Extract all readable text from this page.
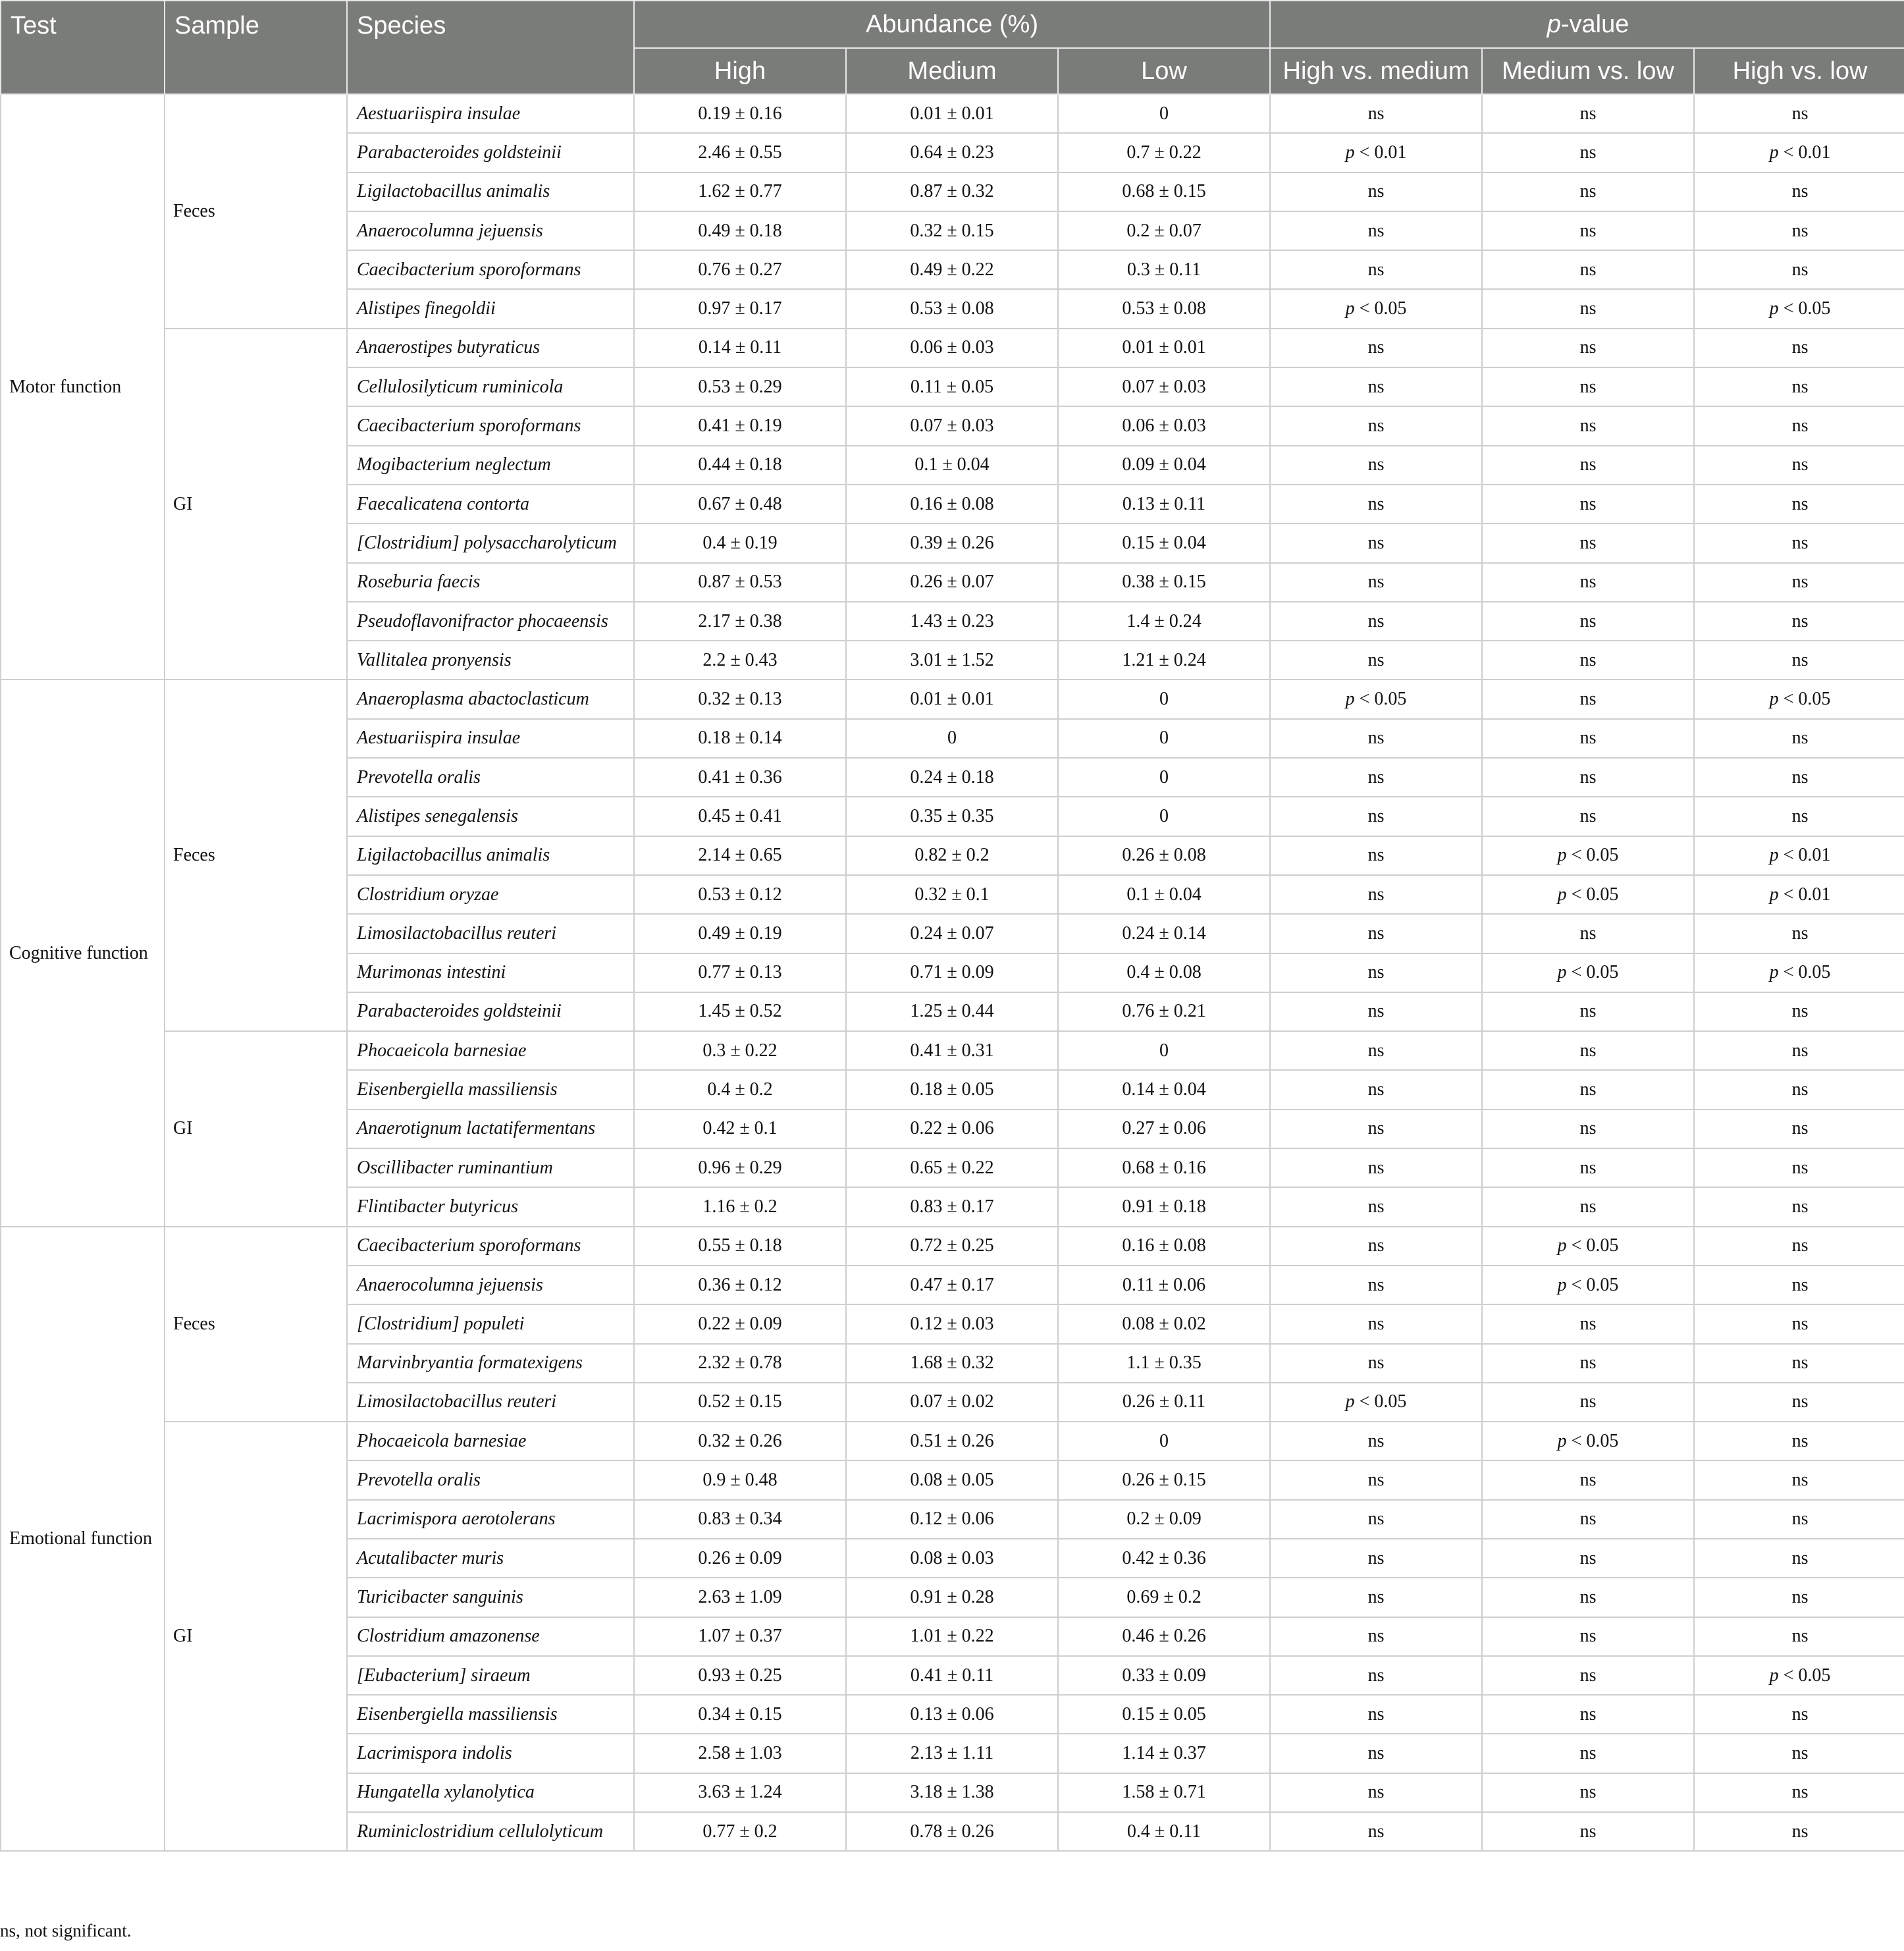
Test	Sample	Species	Abundance (%)			p-value		
			High	Medium	Low	High vs. medium	Medium vs. low	High vs. low
Motor function	Feces	Aestuariispira insulae	0.19 ± 0.16	0.01 ± 0.01	0	ns	ns	ns
		Parabacteroides goldsteinii	2.46 ± 0.55	0.64 ± 0.23	0.7 ± 0.22	p < 0.01	ns	p < 0.01
		Ligilactobacillus animalis	1.62 ± 0.77	0.87 ± 0.32	0.68 ± 0.15	ns	ns	ns
		Anaerocolumna jejuensis	0.49 ± 0.18	0.32 ± 0.15	0.2 ± 0.07	ns	ns	ns
		Caecibacterium sporoformans	0.76 ± 0.27	0.49 ± 0.22	0.3 ± 0.11	ns	ns	ns
		Alistipes finegoldii	0.97 ± 0.17	0.53 ± 0.08	0.53 ± 0.08	p < 0.05	ns	p < 0.05
	GI	Anaerostipes butyraticus	0.14 ± 0.11	0.06 ± 0.03	0.01 ± 0.01	ns	ns	ns
		Cellulosilyticum ruminicola	0.53 ± 0.29	0.11 ± 0.05	0.07 ± 0.03	ns	ns	ns
		Caecibacterium sporoformans	0.41 ± 0.19	0.07 ± 0.03	0.06 ± 0.03	ns	ns	ns
		Mogibacterium neglectum	0.44 ± 0.18	0.1 ± 0.04	0.09 ± 0.04	ns	ns	ns
		Faecalicatena contorta	0.67 ± 0.48	0.16 ± 0.08	0.13 ± 0.11	ns	ns	ns
		[Clostridium] polysaccharolyticum	0.4 ± 0.19	0.39 ± 0.26	0.15 ± 0.04	ns	ns	ns
		Roseburia faecis	0.87 ± 0.53	0.26 ± 0.07	0.38 ± 0.15	ns	ns	ns
		Pseudoflavonifractor phocaeensis	2.17 ± 0.38	1.43 ± 0.23	1.4 ± 0.24	ns	ns	ns
		Vallitalea pronyensis	2.2 ± 0.43	3.01 ± 1.52	1.21 ± 0.24	ns	ns	ns
Cognitive function	Feces	Anaeroplasma abactoclasticum	0.32 ± 0.13	0.01 ± 0.01	0	p < 0.05	ns	p < 0.05
		Aestuariispira insulae	0.18 ± 0.14	0	0	ns	ns	ns
		Prevotella oralis	0.41 ± 0.36	0.24 ± 0.18	0	ns	ns	ns
		Alistipes senegalensis	0.45 ± 0.41	0.35 ± 0.35	0	ns	ns	ns
		Ligilactobacillus animalis	2.14 ± 0.65	0.82 ± 0.2	0.26 ± 0.08	ns	p < 0.05	p < 0.01
		Clostridium oryzae	0.53 ± 0.12	0.32 ± 0.1	0.1 ± 0.04	ns	p < 0.05	p < 0.01
		Limosilactobacillus reuteri	0.49 ± 0.19	0.24 ± 0.07	0.24 ± 0.14	ns	ns	ns
		Murimonas intestini	0.77 ± 0.13	0.71 ± 0.09	0.4 ± 0.08	ns	p < 0.05	p < 0.05
		Parabacteroides goldsteinii	1.45 ± 0.52	1.25 ± 0.44	0.76 ± 0.21	ns	ns	ns
	GI	Phocaeicola barnesiae	0.3 ± 0.22	0.41 ± 0.31	0	ns	ns	ns
		Eisenbergiella massiliensis	0.4 ± 0.2	0.18 ± 0.05	0.14 ± 0.04	ns	ns	ns
		Anaerotignum lactatifermentans	0.42 ± 0.1	0.22 ± 0.06	0.27 ± 0.06	ns	ns	ns
		Oscillibacter ruminantium	0.96 ± 0.29	0.65 ± 0.22	0.68 ± 0.16	ns	ns	ns
		Flintibacter butyricus	1.16 ± 0.2	0.83 ± 0.17	0.91 ± 0.18	ns	ns	ns
Emotional function	Feces	Caecibacterium sporoformans	0.55 ± 0.18	0.72 ± 0.25	0.16 ± 0.08	ns	p < 0.05	ns
		Anaerocolumna jejuensis	0.36 ± 0.12	0.47 ± 0.17	0.11 ± 0.06	ns	p < 0.05	ns
		[Clostridium] populeti	0.22 ± 0.09	0.12 ± 0.03	0.08 ± 0.02	ns	ns	ns
		Marvinbryantia formatexigens	2.32 ± 0.78	1.68 ± 0.32	1.1 ± 0.35	ns	ns	ns
		Limosilactobacillus reuteri	0.52 ± 0.15	0.07 ± 0.02	0.26 ± 0.11	p < 0.05	ns	ns
	GI	Phocaeicola barnesiae	0.32 ± 0.26	0.51 ± 0.26	0	ns	p < 0.05	ns
		Prevotella oralis	0.9 ± 0.48	0.08 ± 0.05	0.26 ± 0.15	ns	ns	ns
		Lacrimispora aerotolerans	0.83 ± 0.34	0.12 ± 0.06	0.2 ± 0.09	ns	ns	ns
		Acutalibacter muris	0.26 ± 0.09	0.08 ± 0.03	0.42 ± 0.36	ns	ns	ns
		Turicibacter sanguinis	2.63 ± 1.09	0.91 ± 0.28	0.69 ± 0.2	ns	ns	ns
		Clostridium amazonense	1.07 ± 0.37	1.01 ± 0.22	0.46 ± 0.26	ns	ns	ns
		[Eubacterium] siraeum	0.93 ± 0.25	0.41 ± 0.11	0.33 ± 0.09	ns	ns	p < 0.05
		Eisenbergiella massiliensis	0.34 ± 0.15	0.13 ± 0.06	0.15 ± 0.05	ns	ns	ns
		Lacrimispora indolis	2.58 ± 1.03	2.13 ± 1.11	1.14 ± 0.37	ns	ns	ns
		Hungatella xylanolytica	3.63 ± 1.24	3.18 ± 1.38	1.58 ± 0.71	ns	ns	ns
		Ruminiclostridium cellulolyticum	0.77 ± 0.2	0.78 ± 0.26	0.4 ± 0.11	ns	ns	ns
ns, not significant.
